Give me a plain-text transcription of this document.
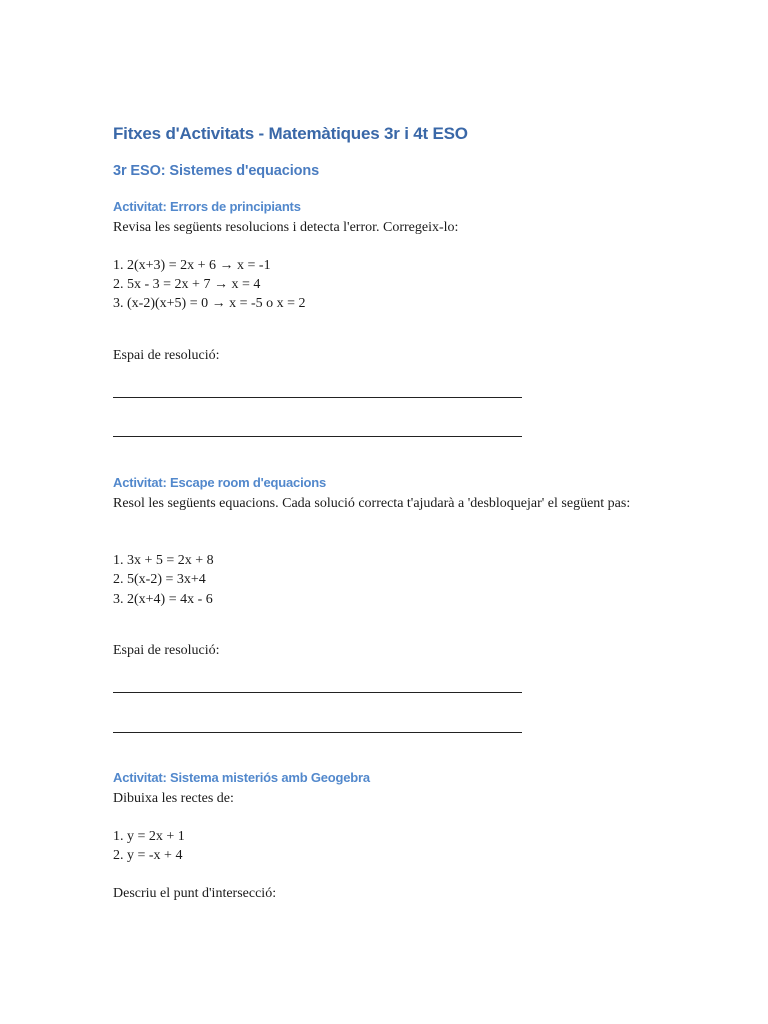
Fitxes d'Activitats - Matemàtiques 3r i 4t ESO
3r ESO: Sistemes d'equacions
Activitat: Errors de principiants
Revisa les següents resolucions i detecta l'error. Corregeix-lo:
1. 2(x+3) = 2x + 6 → x = -1
2. 5x - 3 = 2x + 7 → x = 4
3. (x-2)(x+5) = 0 → x = -5 o x = 2
Espai de resolució:
Activitat: Escape room d'equacions
Resol les següents equacions. Cada solució correcta t'ajudarà a 'desbloquejar' el següent pas:
1. 3x + 5 = 2x + 8
2. 5(x-2) = 3x+4
3. 2(x+4) = 4x - 6
Espai de resolució:
Activitat: Sistema misteriós amb Geogebra
Dibuixa les rectes de:
1. y = 2x + 1
2. y = -x + 4
Descriu el punt d'intersecció:
